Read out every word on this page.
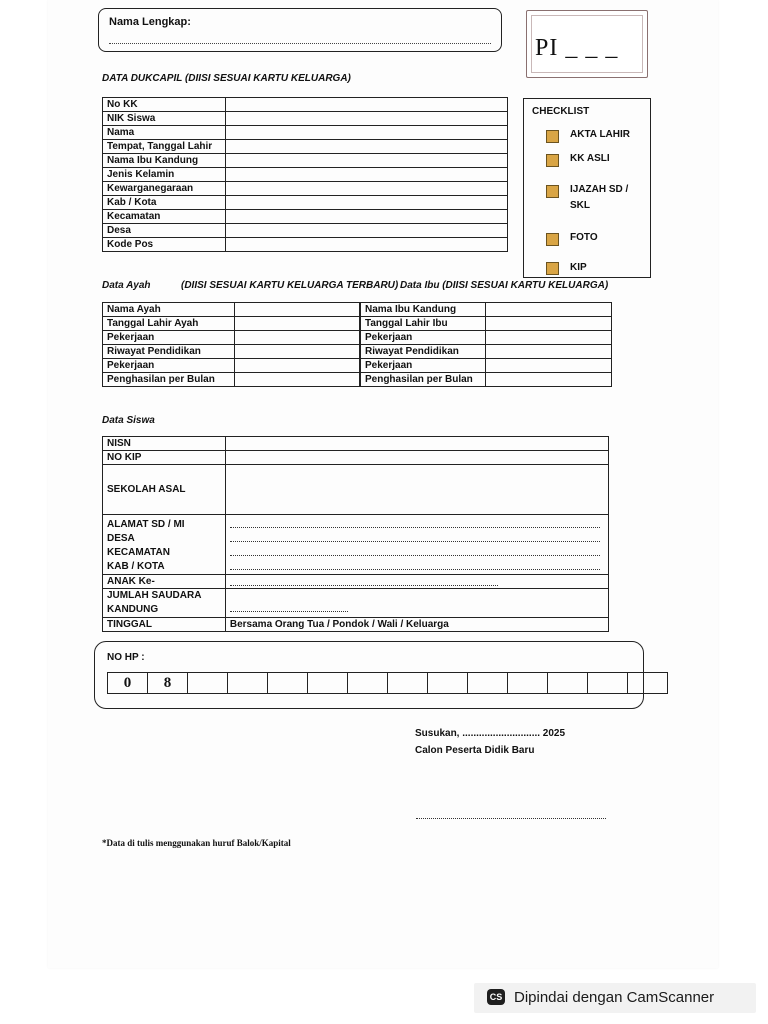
Nama Lengkap:
PI _ _ _
DATA DUKCAPIL (DIISI SESUAI KARTU KELUARGA)
No KK	
NIK Siswa	
Nama	
Tempat, Tanggal Lahir	
Nama Ibu Kandung	
Jenis Kelamin	
Kewarganegaraan	
Kab / Kota	
Kecamatan	
Desa	
Kode Pos	
CHECKLIST
AKTA LAHIR
KK ASLI
IJAZAH SD /
SKL
FOTO
KIP
Data Ayah	(DIISI SESUAI KARTU KELUARGA TERBARU) Data Ibu (DIISI SESUAI KARTU KELUARGA)
Nama Ayah		Nama Ibu Kandung	
Tanggal Lahir Ayah		Tanggal Lahir Ibu	
Pekerjaan		Pekerjaan	
Riwayat Pendidikan		Riwayat Pendidikan	
Pekerjaan		Pekerjaan	
Penghasilan per Bulan		Penghasilan per Bulan	
Data Siswa
NISN	
NO KIP	
SEKOLAH ASAL	

ALAMAT SD / MI
DESA
KECAMATAN
KAB / KOTA	

ANAK Ke-	

JUMLAH SAUDARA
KANDUNG	

TINGGAL	Bersama Orang Tua / Pondok / Wali / Keluarga
NO HP :
0	8
Susukan, ............................ 2025
Calon Peserta Didik Baru
*Data di tulis menggunakan huruf Balok/Kapital
CS Dipindai dengan CamScanner
